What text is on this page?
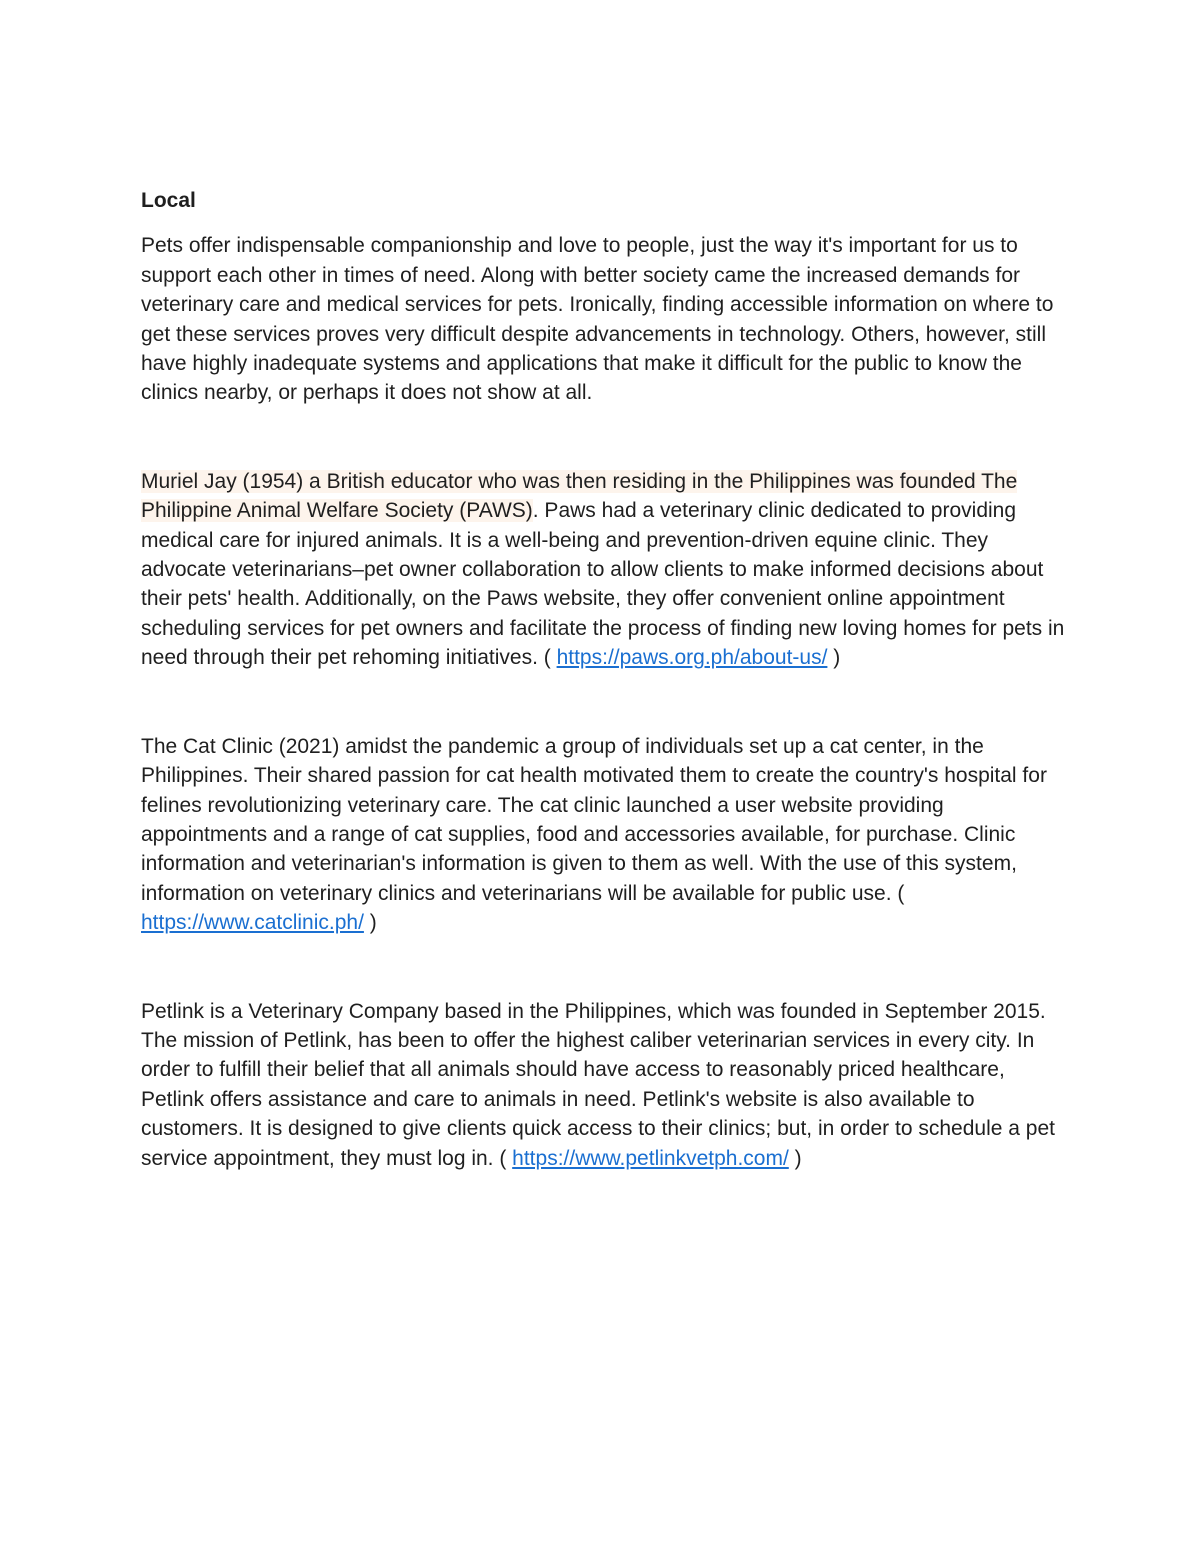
Local

Pets offer indispensable companionship and love to people, just the way it's important for us to support each other in times of need. Along with better society came the increased demands for veterinary care and medical services for pets. Ironically, finding accessible information on where to get these services proves very difficult despite advancements in technology. Others, however, still have highly inadequate systems and applications that make it difficult for the public to know the clinics nearby, or perhaps it does not show at all.

Muriel Jay (1954) a British educator who was then residing in the Philippines was founded The Philippine Animal Welfare Society (PAWS). Paws had a veterinary clinic dedicated to providing medical care for injured animals. It is a well-being and prevention-driven equine clinic. They advocate veterinarians–pet owner collaboration to allow clients to make informed decisions about their pets' health. Additionally, on the Paws website, they offer convenient online appointment scheduling services for pet owners and facilitate the process of finding new loving homes for pets in need through their pet rehoming initiatives. ( https://paws.org.ph/about-us/ )

The Cat Clinic (2021) amidst the pandemic a group of individuals set up a cat center, in the Philippines. Their shared passion for cat health motivated them to create the country's hospital for felines revolutionizing veterinary care. The cat clinic launched a user website providing appointments and a range of cat supplies, food and accessories available, for purchase. Clinic information and veterinarian's information is given to them as well. With the use of this system, information on veterinary clinics and veterinarians will be available for public use. ( https://www.catclinic.ph/ )

Petlink is a Veterinary Company based in the Philippines, which was founded in September 2015. The mission of Petlink, has been to offer the highest caliber veterinarian services in every city. In order to fulfill their belief that all animals should have access to reasonably priced healthcare, Petlink offers assistance and care to animals in need. Petlink's website is also available to customers. It is designed to give clients quick access to their clinics; but, in order to schedule a pet service appointment, they must log in. ( https://www.petlinkvetph.com/ )
